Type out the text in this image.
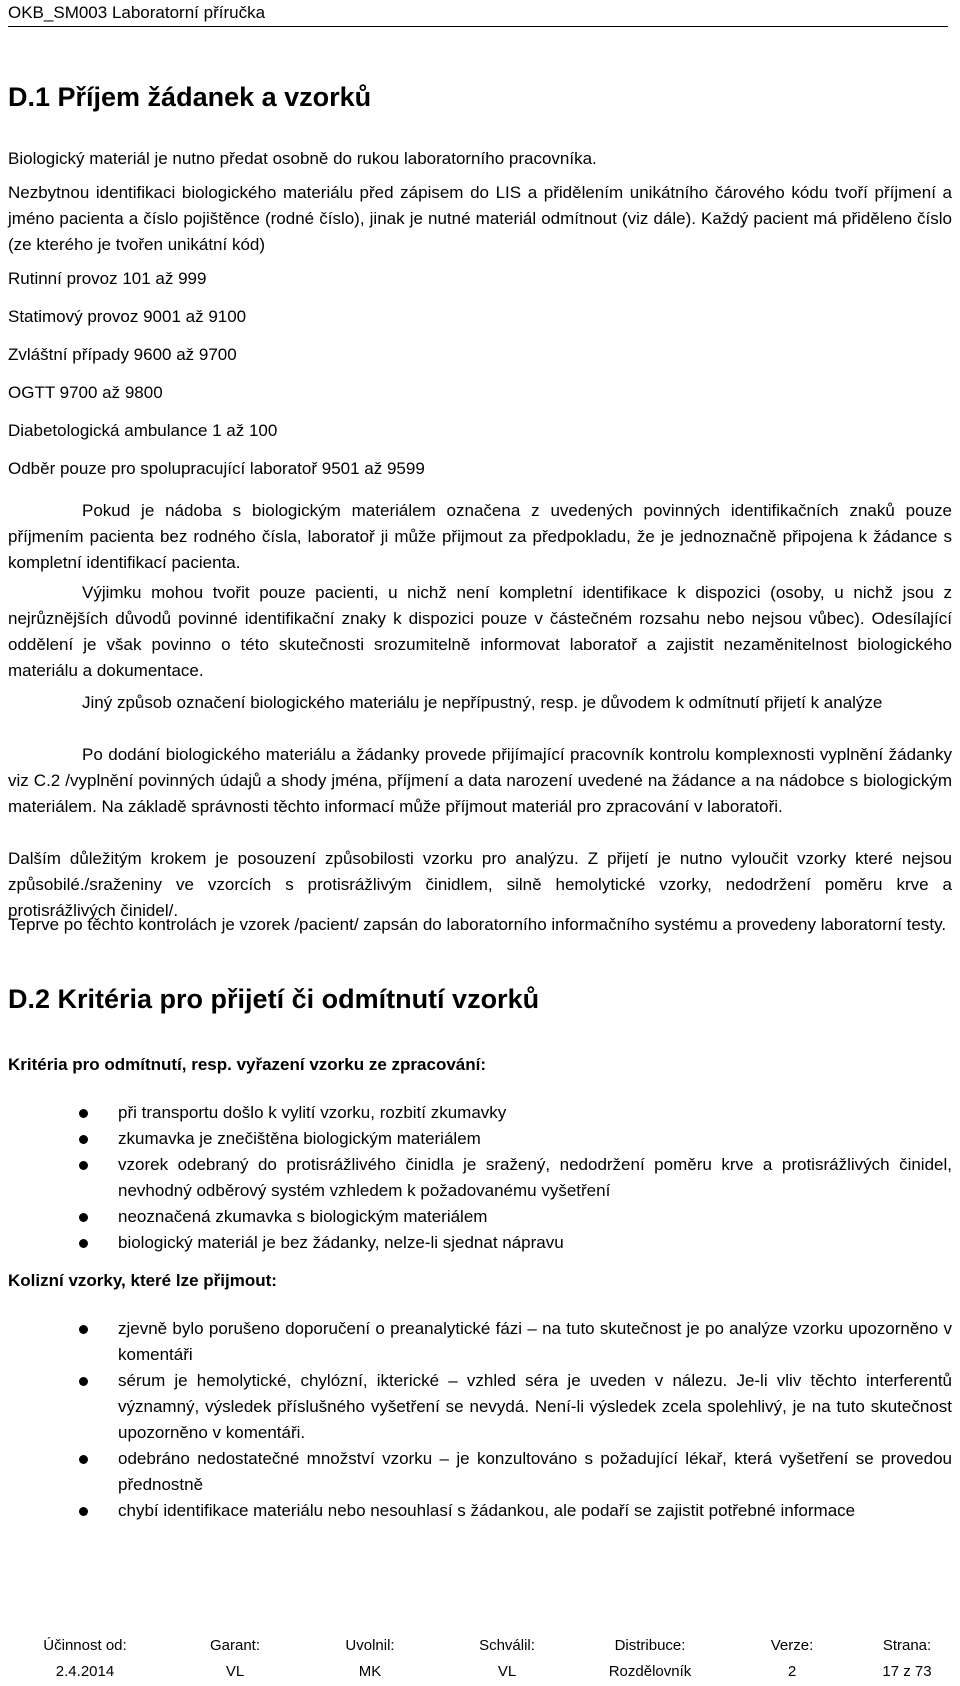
OKB_SM003 Laboratorní příručka
D.1 Příjem žádanek a vzorků

Biologický materiál je nutno předat osobně do rukou laboratorního pracovníka.

Nezbytnou identifikaci biologického materiálu před zápisem do LIS a přidělením unikátního čárového kódu tvoří příjmení a jméno pacienta a číslo pojištěnce (rodné číslo), jinak je nutné materiál odmítnout (viz dále). Každý pacient má přiděleno číslo (ze kterého je tvořen unikátní kód)

Rutinní provoz 101 až 999

Statimový provoz 9001 až 9100

Zvláštní případy 9600 až 9700

OGTT 9700 až 9800

Diabetologická ambulance 1 až 100

Odběr pouze pro spolupracující laboratoř 9501 až 9599

Pokud je nádoba s biologickým materiálem označena z uvedených povinných identifikačních znaků pouze příjmením pacienta bez rodného čísla, laboratoř ji může přijmout za předpokladu, že je jednoznačně připojena k žádance s kompletní identifikací pacienta.

Výjimku mohou tvořit pouze pacienti, u nichž není kompletní identifikace k dispozici (osoby, u nichž jsou z nejrůznějších důvodů povinné identifikační znaky k dispozici pouze v částečném rozsahu nebo nejsou vůbec). Odesílající oddělení je však povinno o této skutečnosti srozumitelně informovat laboratoř a zajistit nezaměnitelnost biologického materiálu a dokumentace.

Jiný způsob označení biologického materiálu je nepřípustný, resp. je důvodem k odmítnutí přijetí k analýze

Po dodání biologického materiálu a žádanky provede přijímající pracovník kontrolu komplexnosti vyplnění žádanky viz C.2 /vyplnění povinných údajů a shody jména, příjmení a data narození uvedené na žádance a na nádobce s biologickým materiálem. Na základě správnosti těchto informací může příjmout materiál pro zpracování v laboratoři.

Dalším důležitým krokem je posouzení způsobilosti vzorku pro analýzu. Z přijetí je nutno vyloučit vzorky které nejsou způsobilé./sraženiny ve vzorcích s protisrážlivým činidlem, silně hemolytické vzorky, nedodržení poměru krve a protisrážlivých činidel/.

Teprve po těchto kontrolách je vzorek /pacient/ zapsán do laboratorního informačního systému a provedeny laboratorní testy.

D.2 Kritéria pro přijetí či odmítnutí vzorků

Kritéria pro odmítnutí, resp. vyřazení vzorku ze zpracování:

při transportu došlo k vylití vzorku, rozbití zkumavky
zkumavka je znečištěna biologickým materiálem
vzorek odebraný do protisrážlivého činidla je sražený, nedodržení poměru krve a protisrážlivých činidel, nevhodný odběrový systém vzhledem k požadovanému vyšetření
neoznačená zkumavka s biologickým materiálem
biologický materiál je bez žádanky, nelze-li sjednat nápravu

Kolizní vzorky, které lze přijmout:

zjevně bylo porušeno doporučení o preanalytické fázi – na tuto skutečnost je po analýze vzorku upozorněno v komentáři
sérum je hemolytické, chylózní, ikterické – vzhled séra je uveden v nálezu. Je-li vliv těchto interferentů významný, výsledek příslušného vyšetření se nevydá. Není-li výsledek zcela spolehlivý, je na tuto skutečnost upozorněno v komentáři.
odebráno nedostatečné množství vzorku – je konzultováno s požadující lékař, která vyšetření se provedou přednostně
chybí identifikace materiálu nebo nesouhlasí s žádankou, ale podaří se zajistit potřebné informace
Účinnost od:
2.4.2014
Garant:
VL
Uvolnil:
MK
Schválil:
VL
Distribuce:
Rozdělovník
Verze:
2
Strana:
17 z 73
